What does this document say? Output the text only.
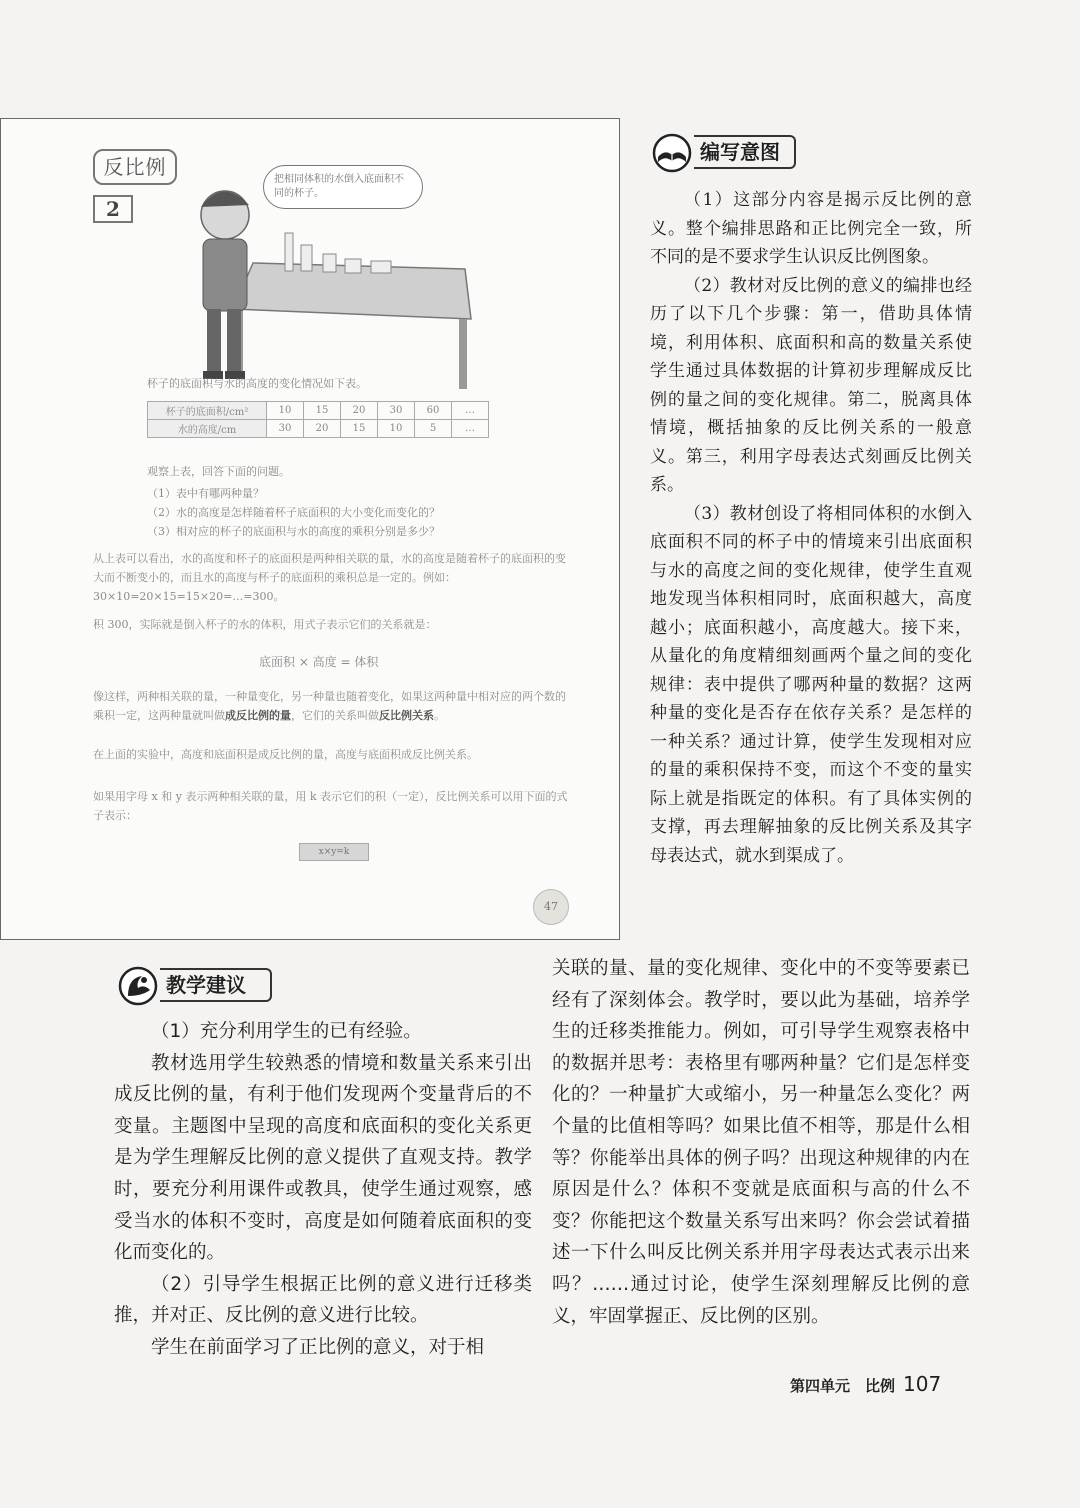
反比例
2
把相同体积的水倒入底面积不同的杯子。
杯子的底面积与水的高度的变化情况如下表。
杯子的底面积/cm²	10	15	20	30	60	…
水的高度/cm	30	20	15	10	5	…
观察上表，回答下面的问题。
（1）表中有哪两种量？
（2）水的高度是怎样随着杯子底面积的大小变化而变化的？
（3）相对应的杯子的底面积与水的高度的乘积分别是多少？
从上表可以看出，水的高度和杯子的底面积是两种相关联的量，水的高度是随着杯子的底面积的变大而不断变小的，而且水的高度与杯子的底面积的乘积总是一定的。例如：30×10=20×15=15×20=…=300。
积 300，实际就是倒入杯子的水的体积，用式子表示它们的关系就是：
底面积 × 高度 = 体积
像这样，两种相关联的量，一种量变化，另一种量也随着变化，如果这两种量中相对应的两个数的乘积一定，这两种量就叫做成反比例的量，它们的关系叫做反比例关系。
在上面的实验中，高度和底面积是成反比例的量，高度与底面积成反比例关系。
如果用字母 x 和 y 表示两种相关联的量，用 k 表示它们的积（一定），反比例关系可以用下面的式子表示：
x×y=k
47
编写意图

（1）这部分内容是揭示反比例的意义。整个编排思路和正比例完全一致，所不同的是不要求学生认识反比例图象。

（2）教材对反比例的意义的编排也经历了以下几个步骤：第一，借助具体情境，利用体积、底面积和高的数量关系使学生通过具体数据的计算初步理解成反比例的量之间的变化规律。第二，脱离具体情境，概括抽象的反比例关系的一般意义。第三，利用字母表达式刻画反比例关系。

（3）教材创设了将相同体积的水倒入底面积不同的杯子中的情境来引出底面积与水的高度之间的变化规律，使学生直观地发现当体积相同时，底面积越大，高度越小；底面积越小，高度越大。接下来，从量化的角度精细刻画两个量之间的变化规律：表中提供了哪两种量的数据？这两种量的变化是否存在依存关系？是怎样的一种关系？通过计算，使学生发现相对应的量的乘积保持不变，而这个不变的量实际上就是指既定的体积。有了具体实例的支撑，再去理解抽象的反比例关系及其字母表达式，就水到渠成了。

教学建议

（1）充分利用学生的已有经验。

教材选用学生较熟悉的情境和数量关系来引出成反比例的量，有利于他们发现两个变量背后的不变量。主题图中呈现的高度和底面积的变化关系更是为学生理解反比例的意义提供了直观支持。教学时，要充分利用课件或教具，使学生通过观察，感受当水的体积不变时，高度是如何随着底面积的变化而变化的。

（2）引导学生根据正比例的意义进行迁移类推，并对正、反比例的意义进行比较。

学生在前面学习了正比例的意义，对于相

关联的量、量的变化规律、变化中的不变等要素已经有了深刻体会。教学时，要以此为基础，培养学生的迁移类推能力。例如，可引导学生观察表格中的数据并思考：表格里有哪两种量？它们是怎样变化的？一种量扩大或缩小，另一种量怎么变化？两个量的比值相等吗？如果比值不相等，那是什么相等？你能举出具体的例子吗？出现这种规律的内在原因是什么？体积不变就是底面积与高的什么不变？你能把这个数量关系写出来吗？你会尝试着描述一下什么叫反比例关系并用字母表达式表示出来吗？……通过讨论，使学生深刻理解反比例的意义，牢固掌握正、反比例的区别。

第四单元　比例 107
